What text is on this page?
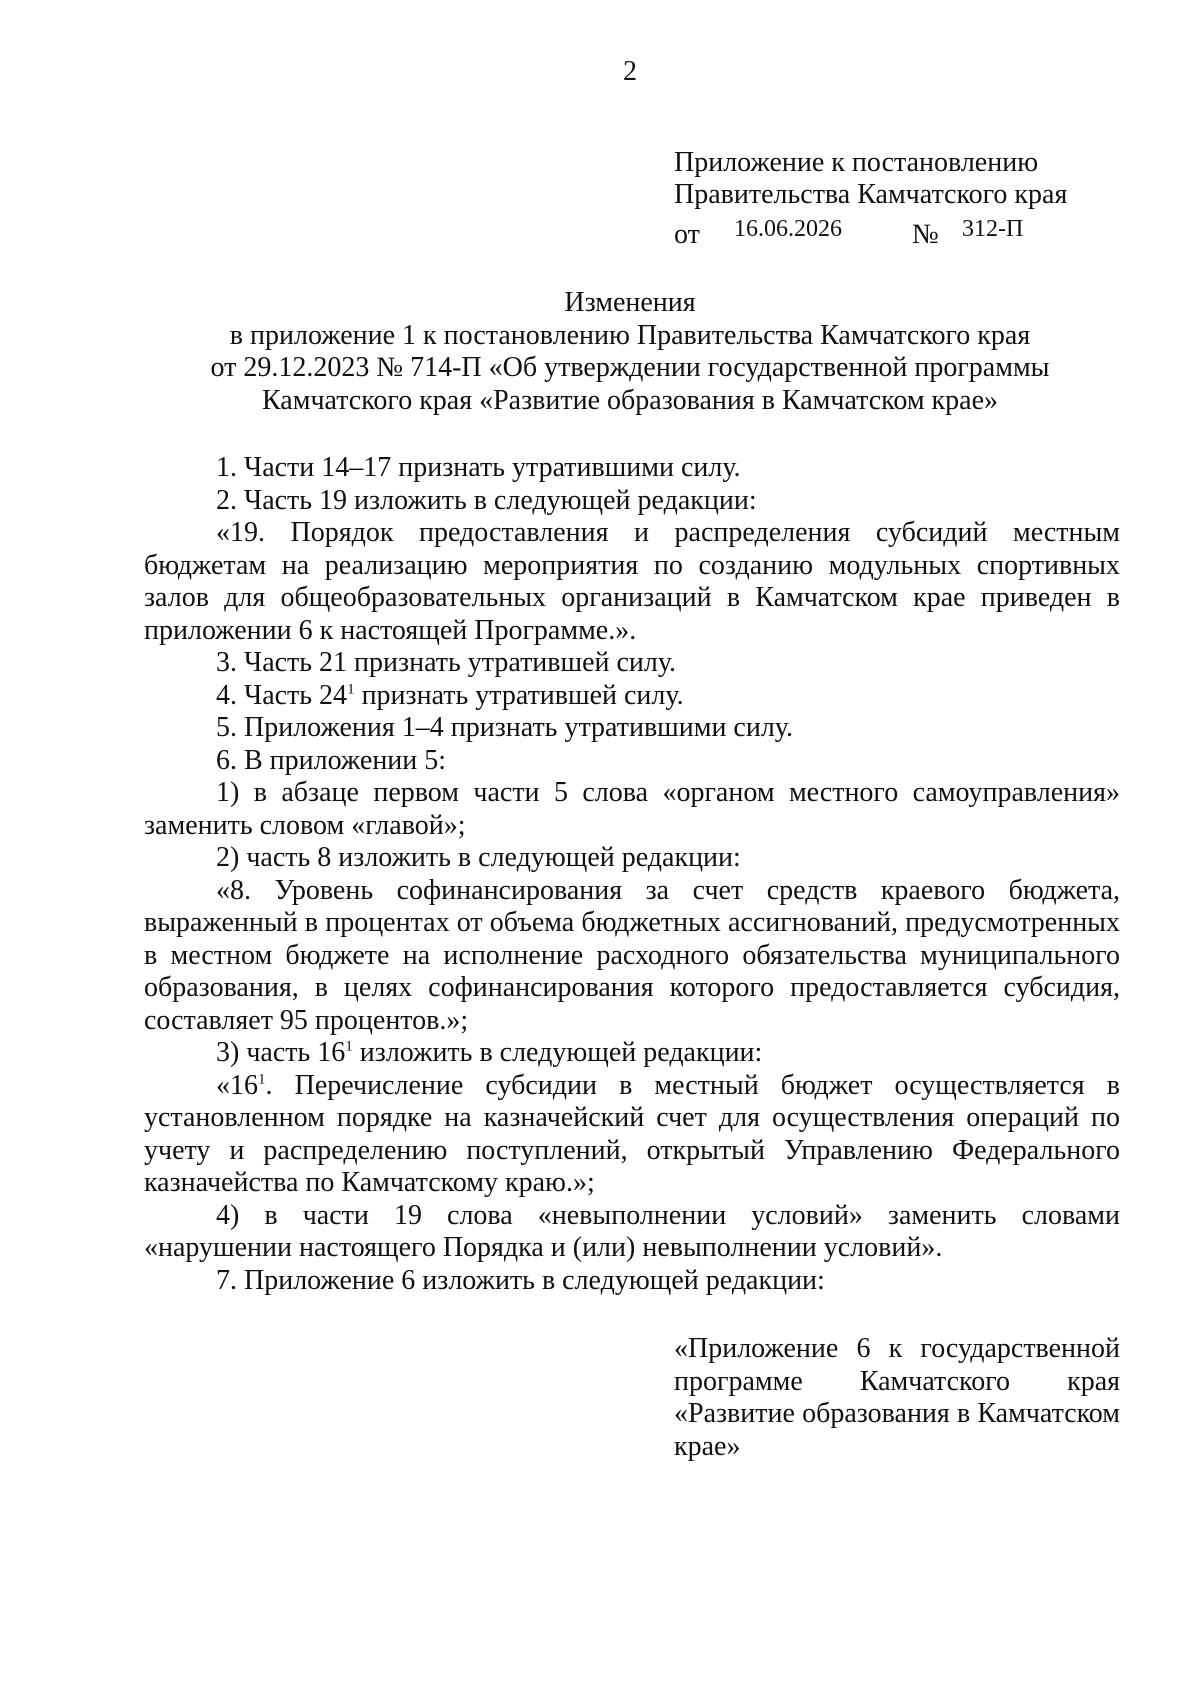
2
Приложение к постановлению
Правительства Камчатского края
от 16.06.2026	№ 312-П
Изменения
в приложение 1 к постановлению Правительства Камчатского края
от 29.12.2023 № 714-П «Об утверждении государственной программы
Камчатского края «Развитие образования в Камчатском крае»

1. Части 14–17 признать утратившими силу.

2. Часть 19 изложить в следующей редакции:

«19. Порядок предоставления и распределения субсидий местным бюджетам на реализацию мероприятия по созданию модульных спортивных залов для общеобразовательных организаций в Камчатском крае приведен в приложении 6 к настоящей Программе.».

3. Часть 21 признать утратившей силу.

4. Часть $24^1$ признать утратившей силу.

5. Приложения 1–4 признать утратившими силу.

6. В приложении 5:

1) в абзаце первом части 5 слова «органом местного самоуправления» заменить словом «главой»;

2) часть 8 изложить в следующей редакции:

«8. Уровень софинансирования за счет средств краевого бюджета, выраженный в процентах от объема бюджетных ассигнований, предусмотренных в местном бюджете на исполнение расходного обязательства муниципального образования, в целях софинансирования которого предоставляется субсидия, составляет 95 процентов.»;

3) часть $16^1$ изложить в следующей редакции:

«$16^1$. Перечисление субсидии в местный бюджет осуществляется в установленном порядке на казначейский счет для осуществления операций по учету и распределению поступлений, открытый Управлению Федерального казначейства по Камчатскому краю.»;

4) в части 19 слова «невыполнении условий» заменить словами «нарушении настоящего Порядка и (или) невыполнении условий».

7. Приложение 6 изложить в следующей редакции:

«Приложение 6 к государственной программе Камчатского края «Развитие образования в Камчатском крае»
